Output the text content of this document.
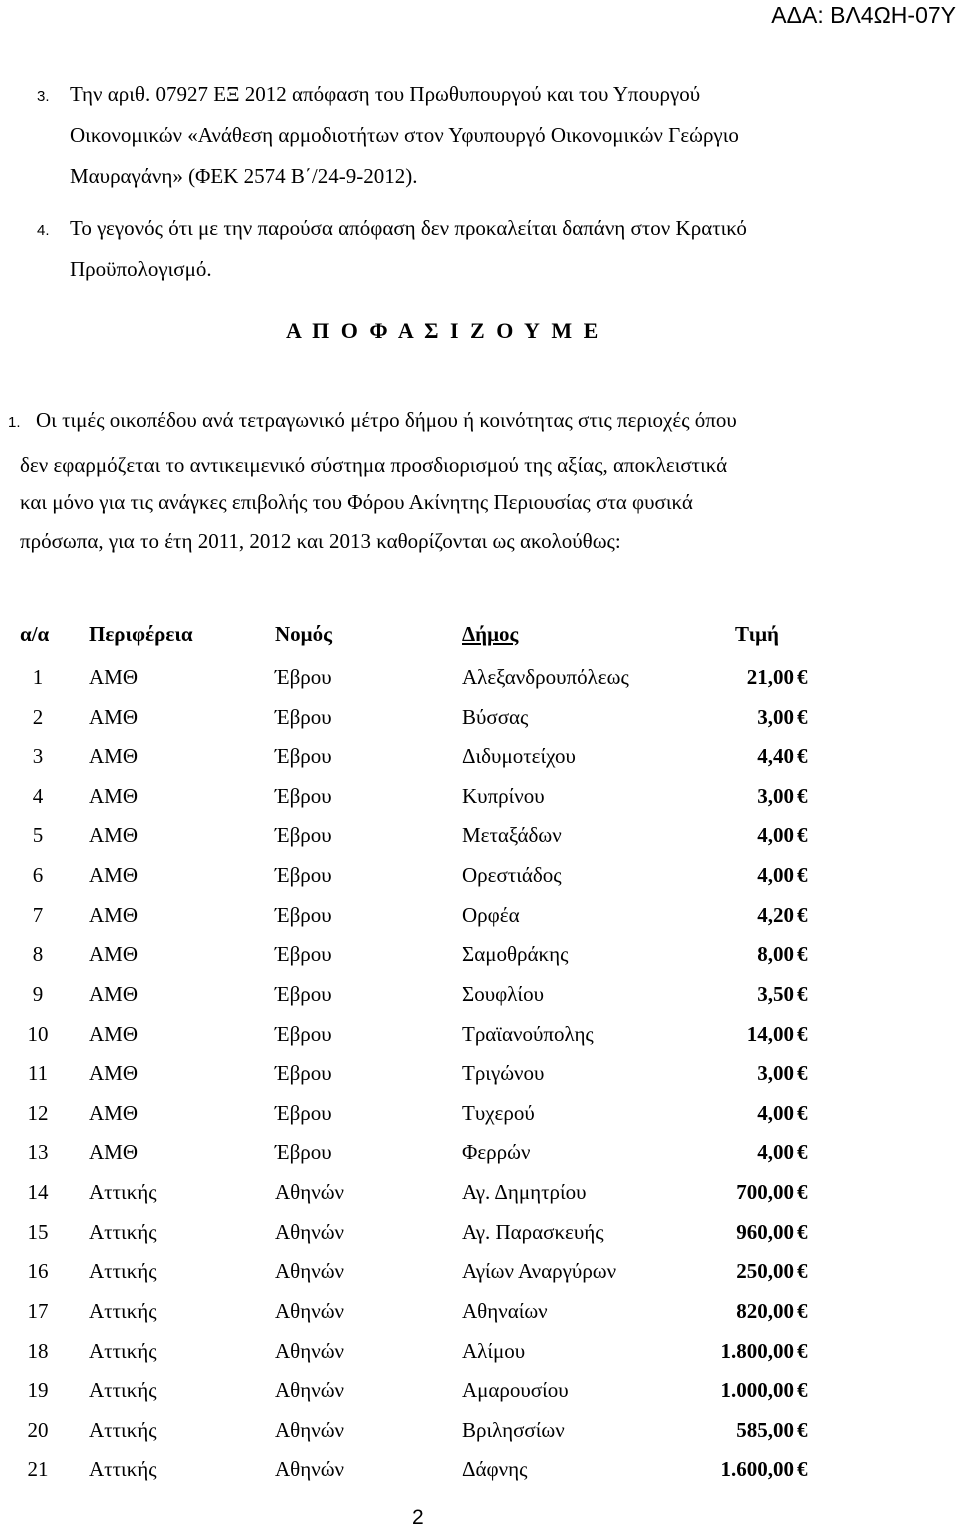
ΑΔΑ: ΒΛ4ΩΗ-07Υ
3. Την αριθ. 07927 ΕΞ 2012 απόφαση του Πρωθυπουργού και του Υπουργού
Οικονομικών «Ανάθεση αρμοδιοτήτων στον Υφυπουργό Οικονομικών Γεώργιο
Μαυραγάνη» (ΦΕΚ 2574 Β΄/24-9-2012).
4. Το γεγονός ότι με την παρούσα απόφαση δεν προκαλείται δαπάνη στον Κρατικό
Προϋπολογισμό.
Α Π Ο Φ Α Σ Ι Ζ Ο Υ Μ Ε
1. Οι τιμές οικοπέδου ανά τετραγωνικό μέτρο δήμου ή κοινότητας στις περιοχές όπου
δεν εφαρμόζεται το αντικειμενικό σύστημα προσδιορισμού της αξίας, αποκλειστικά
και μόνο για τις ανάγκες επιβολής του Φόρου Ακίνητης Περιουσίας στα φυσικά
πρόσωπα, για το έτη 2011, 2012 και 2013 καθορίζονται ως ακολούθως:
α/α Περιφέρεια	Νομός	Δήμος	Τιμή
1	ΑΜΘ	Έβρου	Αλεξανδρουπόλεως	21,00 €
2	ΑΜΘ	Έβρου	Βύσσας	3,00 €
3	ΑΜΘ	Έβρου	Διδυμοτείχου	4,40 €
4	ΑΜΘ	Έβρου	Κυπρίνου	3,00 €
5	ΑΜΘ	Έβρου	Μεταξάδων	4,00 €
6	ΑΜΘ	Έβρου	Ορεστιάδος	4,00 €
7	ΑΜΘ	Έβρου	Ορφέα	4,20 €
8	ΑΜΘ	Έβρου	Σαμοθράκης	8,00 €
9	ΑΜΘ	Έβρου	Σουφλίου	3,50 €
10	ΑΜΘ	Έβρου	Τραϊανούπολης	14,00 €
11	ΑΜΘ	Έβρου	Τριγώνου	3,00 €
12	ΑΜΘ	Έβρου	Τυχερού	4,00 €
13	ΑΜΘ	Έβρου	Φερρών	4,00 €
14	Αττικής	Αθηνών	Αγ. Δημητρίου	700,00 €
15	Αττικής	Αθηνών	Αγ. Παρασκευής	960,00 €
16	Αττικής	Αθηνών	Αγίων Αναργύρων	250,00 €
17	Αττικής	Αθηνών	Αθηναίων	820,00 €
18	Αττικής	Αθηνών	Αλίμου	1.800,00 €
19	Αττικής	Αθηνών	Αμαρουσίου	1.000,00 €
20	Αττικής	Αθηνών	Βριλησσίων	585,00 €
21	Αττικής	Αθηνών	Δάφνης	1.600,00 €
2
